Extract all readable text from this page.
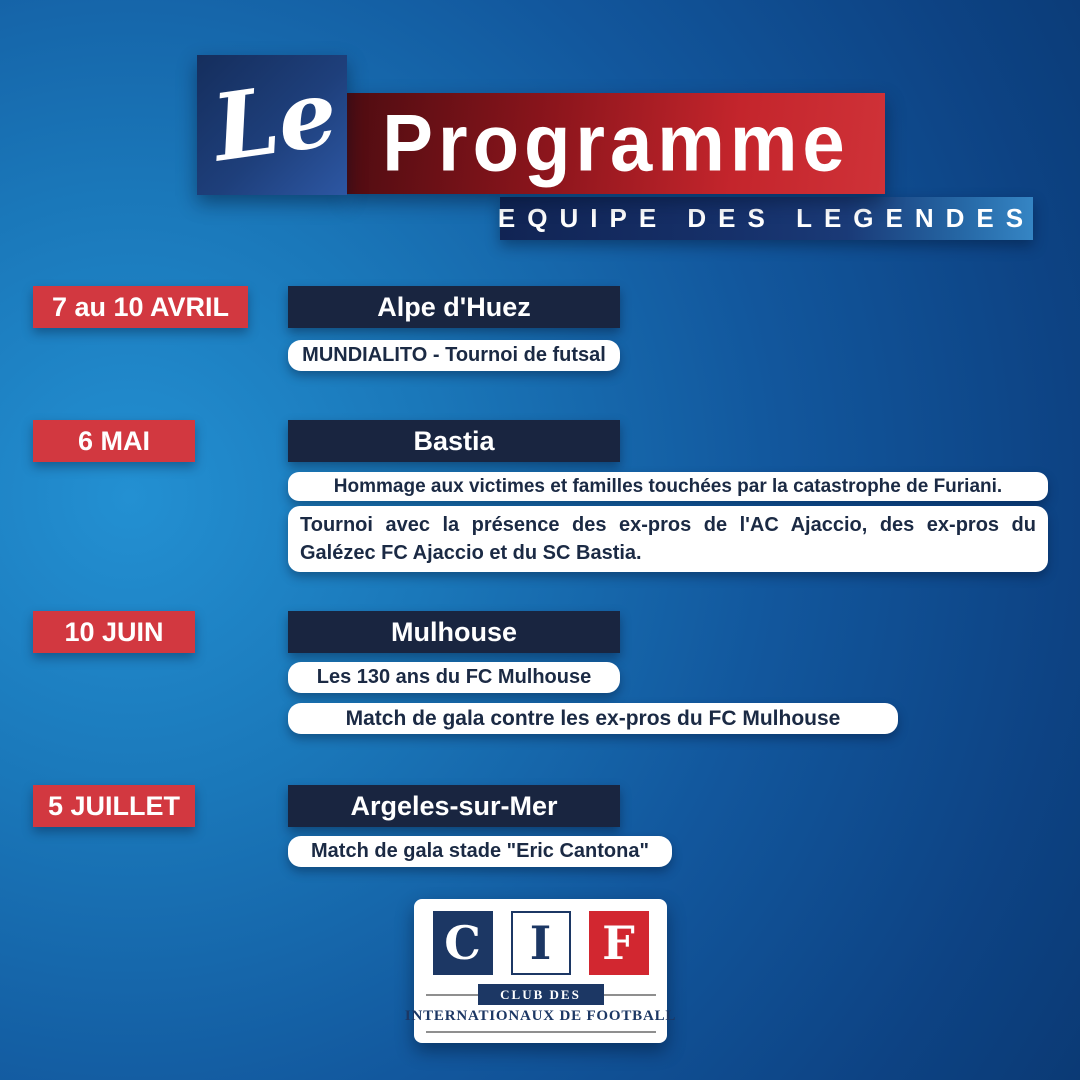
Le Programme
EQUIPE DES LEGENDES
7 au 10 AVRIL	Alpe d'Huez
MUNDIALITO - Tournoi de futsal
6 MAI	Bastia
Hommage aux victimes et familles touchées par la catastrophe de Furiani.
Tournoi avec la présence des ex-pros de l'AC Ajaccio, des ex-pros du Galézec FC Ajaccio et du SC Bastia.
10 JUIN	Mulhouse
Les 130 ans du FC Mulhouse
Match de gala contre les ex-pros du FC Mulhouse
5 JUILLET	Argeles-sur-Mer
Match de gala stade "Eric Cantona"
C	I	F
CLUB DES
INTERNATIONAUX DE FOOTBALL
